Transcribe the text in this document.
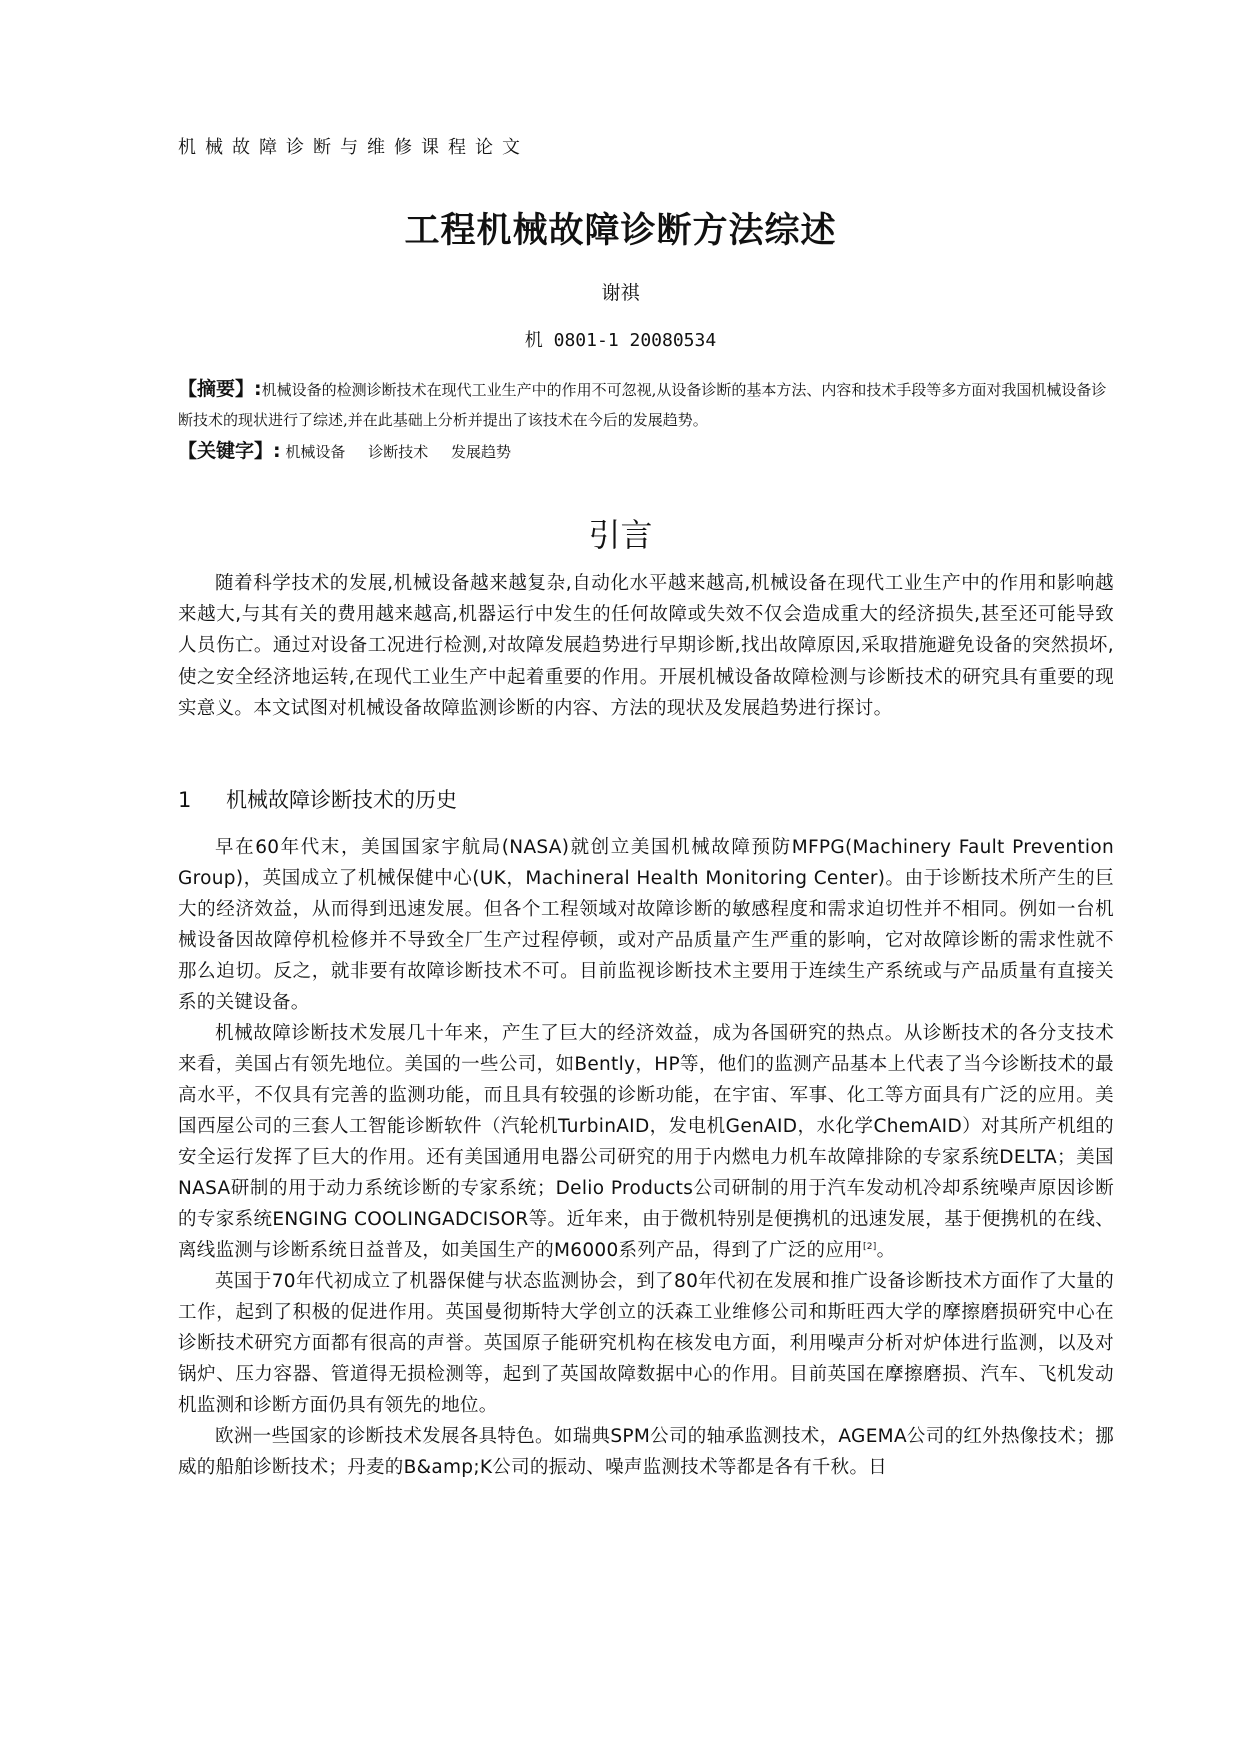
机械故障诊断与维修课程论文
工程机械故障诊断方法综述
谢祺
机 0801-1 20080534
【摘要】:机械设备的检测诊断技术在现代工业生产中的作用不可忽视,从设备诊断的基本方法、内容和技术手段等多方面对我国机械设备诊断技术的现状进行了综述,并在此基础上分析并提出了该技术在今后的发展趋势。
【关键字】: 机械设备 诊断技术 发展趋势
引言

随着科学技术的发展,机械设备越来越复杂,自动化水平越来越高,机械设备在现代工业生产中的作用和影响越来越大,与其有关的费用越来越高,机器运行中发生的任何故障或失效不仅会造成重大的经济损失,甚至还可能导致人员伤亡。通过对设备工况进行检测,对故障发展趋势进行早期诊断,找出故障原因,采取措施避免设备的突然损坏,使之安全经济地运转,在现代工业生产中起着重要的作用。开展机械设备故障检测与诊断技术的研究具有重要的现实意义。本文试图对机械设备故障监测诊断的内容、方法的现状及发展趋势进行探讨。

1 机械故障诊断技术的历史

早在60年代末，美国国家宇航局(NASA)就创立美国机械故障预防MFPG(Machinery Fault Prevention Group)，英国成立了机械保健中心(UK，Machineral Health Monitoring Center)。由于诊断技术所产生的巨大的经济效益，从而得到迅速发展。但各个工程领域对故障诊断的敏感程度和需求迫切性并不相同。例如一台机械设备因故障停机检修并不导致全厂生产过程停顿，或对产品质量产生严重的影响，它对故障诊断的需求性就不那么迫切。反之，就非要有故障诊断技术不可。目前监视诊断技术主要用于连续生产系统或与产品质量有直接关系的关键设备。

机械故障诊断技术发展几十年来，产生了巨大的经济效益，成为各国研究的热点。从诊断技术的各分支技术来看，美国占有领先地位。美国的一些公司，如Bently，HP等，他们的监测产品基本上代表了当今诊断技术的最高水平，不仅具有完善的监测功能，而且具有较强的诊断功能，在宇宙、军事、化工等方面具有广泛的应用。美国西屋公司的三套人工智能诊断软件（汽轮机TurbinAID，发电机GenAID，水化学ChemAID）对其所产机组的安全运行发挥了巨大的作用。还有美国通用电器公司研究的用于内燃电力机车故障排除的专家系统DELTA；美国NASA研制的用于动力系统诊断的专家系统；Delio Products公司研制的用于汽车发动机冷却系统噪声原因诊断的专家系统ENGING COOLINGADCISOR等。近年来，由于微机特别是便携机的迅速发展，基于便携机的在线、离线监测与诊断系统日益普及，如美国生产的M6000系列产品，得到了广泛的应用[2]。

英国于70年代初成立了机器保健与状态监测协会，到了80年代初在发展和推广设备诊断技术方面作了大量的工作，起到了积极的促进作用。英国曼彻斯特大学创立的沃森工业维修公司和斯旺西大学的摩擦磨损研究中心在诊断技术研究方面都有很高的声誉。英国原子能研究机构在核发电方面，利用噪声分析对炉体进行监测，以及对锅炉、压力容器、管道得无损检测等，起到了英国故障数据中心的作用。目前英国在摩擦磨损、汽车、飞机发动机监测和诊断方面仍具有领先的地位。

欧洲一些国家的诊断技术发展各具特色。如瑞典SPM公司的轴承监测技术，AGEMA公司的红外热像技术；挪威的船舶诊断技术；丹麦的B&amp;K公司的振动、噪声监测技术等都是各有千秋。日
